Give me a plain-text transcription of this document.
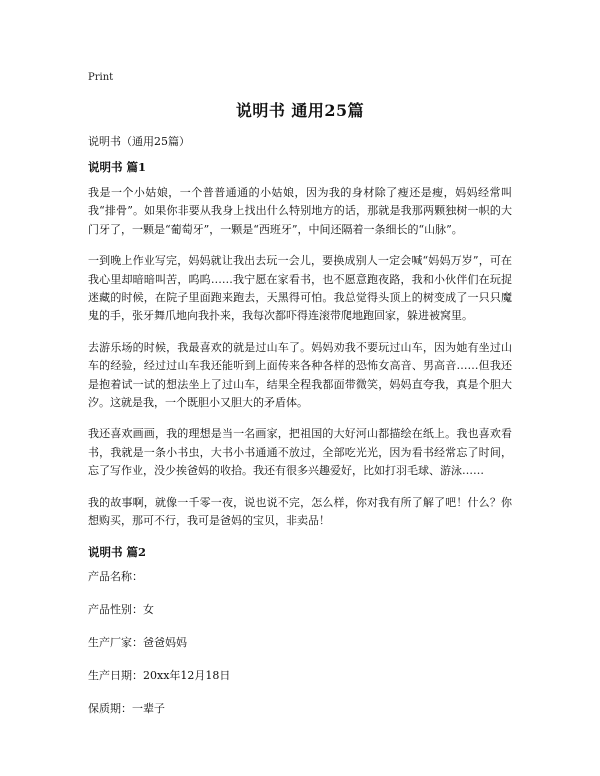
Print
说明书 通用25篇
说明书（通用25篇）
说明书 篇1

我是一个小姑娘，一个普普通通的小姑娘，因为我的身材除了瘦还是瘦，妈妈经常叫我“排骨”。如果你非要从我身上找出什么特别地方的话，那就是我那两颗独树一帜的大门牙了，一颗是“葡萄牙”，一颗是“西班牙”，中间还隔着一条细长的“山脉”。

一到晚上作业写完，妈妈就让我出去玩一会儿，要换成别人一定会喊“妈妈万岁”，可在我心里却暗暗叫苦，呜呜……我宁愿在家看书，也不愿意跑夜路，我和小伙伴们在玩捉迷藏的时候，在院子里面跑来跑去，天黑得可怕。我总觉得头顶上的树变成了一只只魔鬼的手，张牙舞爪地向我扑来，我每次都吓得连滚带爬地跑回家，躲进被窝里。

去游乐场的时候，我最喜欢的就是过山车了。妈妈劝我不要玩过山车，因为她有坐过山车的经验，经过过山车我还能听到上面传来各种各样的恐怖女高音、男高音……但我还是抱着试一试的想法坐上了过山车，结果全程我都面带微笑，妈妈直夸我，真是个胆大汐。这就是我，一个既胆小又胆大的矛盾体。

我还喜欢画画，我的理想是当一名画家，把祖国的大好河山都描绘在纸上。我也喜欢看书，我就是一条小书虫，大书小书通通不放过，全部吃光光，因为看书经常忘了时间，忘了写作业，没少挨爸妈的收拾。我还有很多兴趣爱好，比如打羽毛球、游泳……

我的故事啊，就像一千零一夜，说也说不完，怎么样，你对我有所了解了吧！什么？你想购买，那可不行，我可是爸妈的宝贝，非卖品！

说明书 篇2
产品名称：
产品性别：女
生产厂家：爸爸妈妈
生产日期：20xx年12月18日
保质期：一辈子
